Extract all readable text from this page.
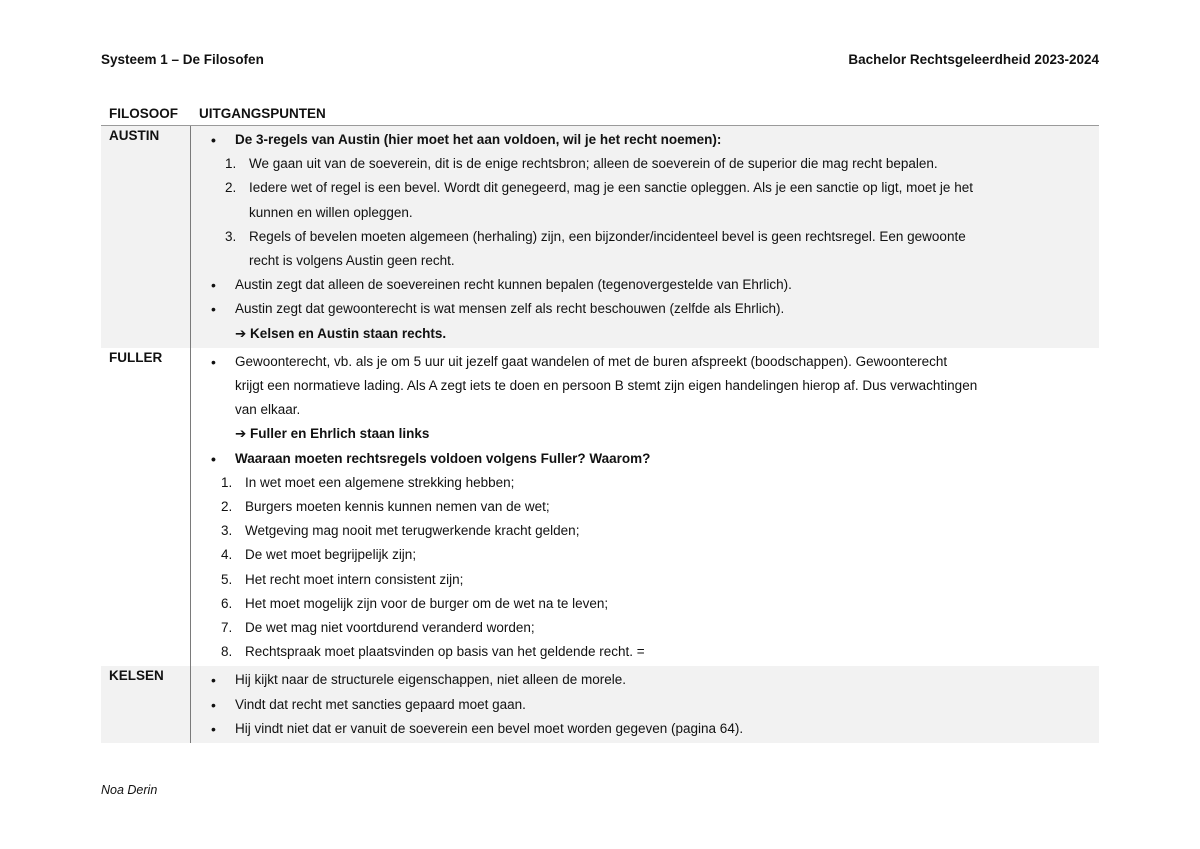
Systeem 1 – De Filosofen	Bachelor Rechtsgeleerdheid 2023-2024
FILOSOOF	UITGANGSPUNTEN
AUSTIN	• De 3-regels van Austin (hier moet het aan voldoen, wil je het recht noemen):
1. We gaan uit van de soeverein, dit is de enige rechtsbron; alleen de soeverein of de superior die mag recht bepalen.
2. Iedere wet of regel is een bevel. Wordt dit genegeerd, mag je een sanctie opleggen. Als je een sanctie op ligt, moet je het
kunnen en willen opleggen.
3. Regels of bevelen moeten algemeen (herhaling) zijn, een bijzonder/incidenteel bevel is geen rechtsregel. Een gewoonte
recht is volgens Austin geen recht.
• Austin zegt dat alleen de soevereinen recht kunnen bepalen (tegenovergestelde van Ehrlich).
• Austin zegt dat gewoonterecht is wat mensen zelf als recht beschouwen (zelfde als Ehrlich).
➔ Kelsen en Austin staan rechts.
FULLER	• Gewoonterecht, vb. als je om 5 uur uit jezelf gaat wandelen of met de buren afspreekt (boodschappen). Gewoonterecht
krijgt een normatieve lading. Als A zegt iets te doen en persoon B stemt zijn eigen handelingen hierop af. Dus verwachtingen
van elkaar.
➔ Fuller en Ehrlich staan links
• Waaraan moeten rechtsregels voldoen volgens Fuller? Waarom?
1. In wet moet een algemene strekking hebben;
2. Burgers moeten kennis kunnen nemen van de wet;
3. Wetgeving mag nooit met terugwerkende kracht gelden;
4. De wet moet begrijpelijk zijn;
5. Het recht moet intern consistent zijn;
6. Het moet mogelijk zijn voor de burger om de wet na te leven;
7. De wet mag niet voortdurend veranderd worden;
8. Rechtspraak moet plaatsvinden op basis van het geldende recht. =
KELSEN	• Hij kijkt naar de structurele eigenschappen, niet alleen de morele.
• Vindt dat recht met sancties gepaard moet gaan.
• Hij vindt niet dat er vanuit de soeverein een bevel moet worden gegeven (pagina 64).
Noa Derin
